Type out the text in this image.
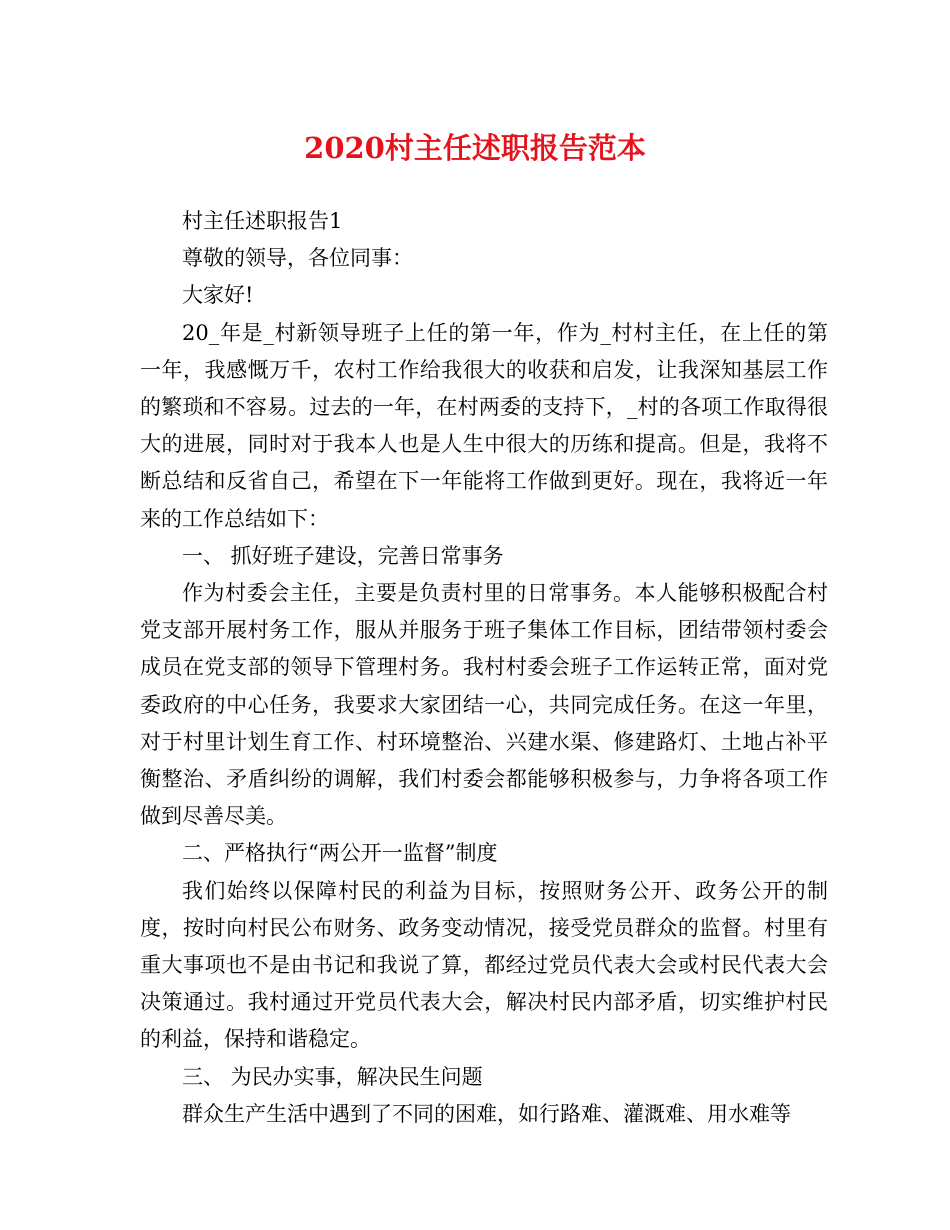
2020村主任述职报告范本

村主任述职报告1

尊敬的领导，各位同事：

大家好!

20_年是_村新领导班子上任的第一年，作为_村村主任，在上任的第一年，我感慨万千，农村工作给我很大的收获和启发，让我深知基层工作的繁琐和不容易。过去的一年，在村两委的支持下，_村的各项工作取得很大的进展，同时对于我本人也是人生中很大的历练和提高。但是，我将不断总结和反省自己，希望在下一年能将工作做到更好。现在，我将近一年来的工作总结如下：

一、 抓好班子建设，完善日常事务

作为村委会主任，主要是负责村里的日常事务。本人能够积极配合村党支部开展村务工作，服从并服务于班子集体工作目标，团结带领村委会成员在党支部的领导下管理村务。我村村委会班子工作运转正常，面对党委政府的中心任务，我要求大家团结一心，共同完成任务。在这一年里，对于村里计划生育工作、村环境整治、兴建水渠、修建路灯、土地占补平衡整治、矛盾纠纷的调解，我们村委会都能够积极参与，力争将各项工作做到尽善尽美。

二、严格执行“两公开一监督”制度

我们始终以保障村民的利益为目标，按照财务公开、政务公开的制度，按时向村民公布财务、政务变动情况，接受党员群众的监督。村里有重大事项也不是由书记和我说了算，都经过党员代表大会或村民代表大会决策通过。我村通过开党员代表大会，解决村民内部矛盾，切实维护村民的利益，保持和谐稳定。

三、 为民办实事，解决民生问题

群众生产生活中遇到了不同的困难，如行路难、灌溉难、用水难等
